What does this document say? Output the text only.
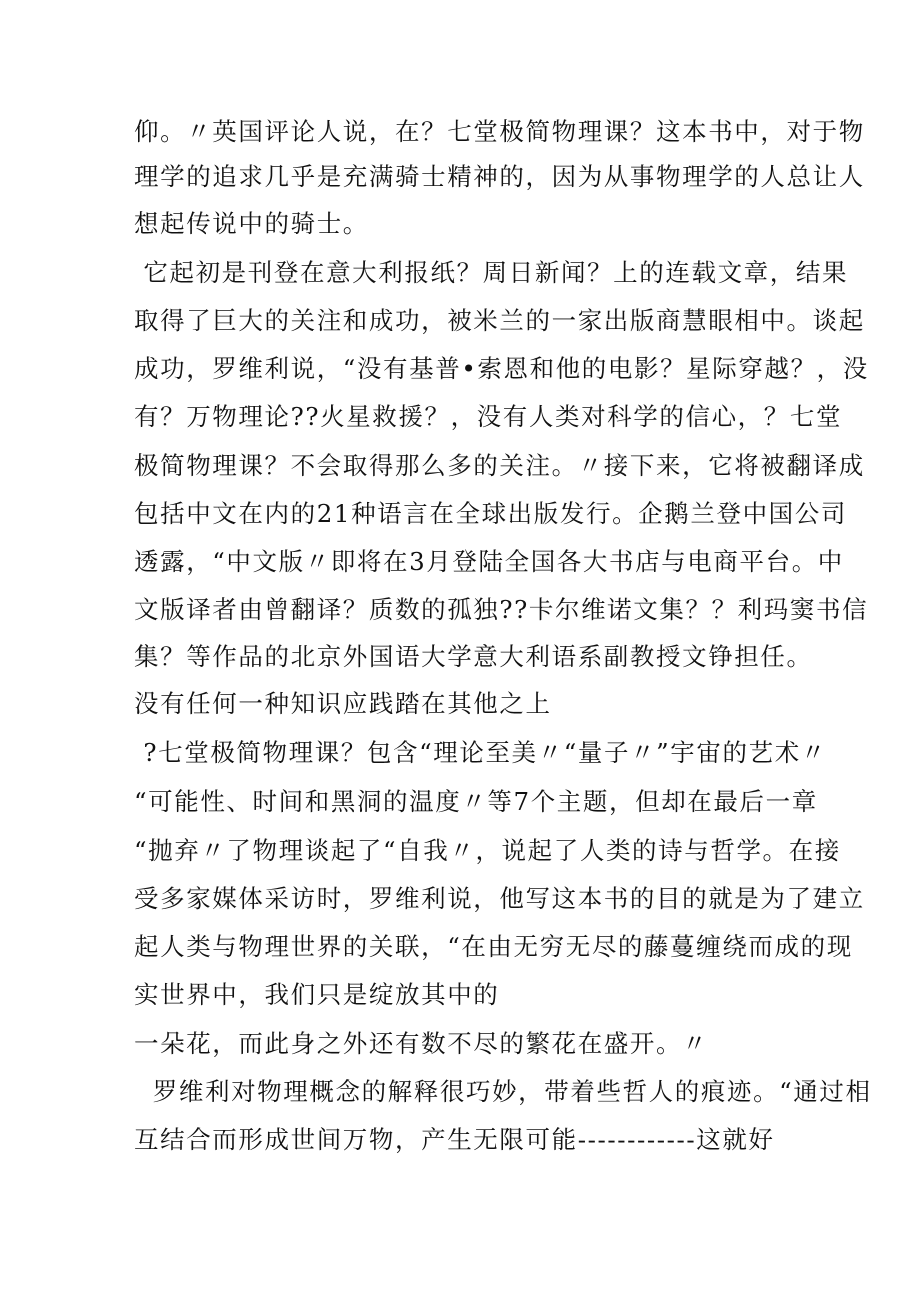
仰。〃英国评论人说，在？七堂极简物理课？这本书中，对于物
理学的追求几乎是充满骑士精神的，因为从事物理学的人总让人
想起传说中的骑士。
它起初是刊登在意大利报纸？周日新闻？上的连载文章，结果
取得了巨大的关注和成功，被米兰的一家出版商慧眼相中。谈起
成功，罗维利说，“没有基普•索恩和他的电影？星际穿越？，没
有？万物理论??火星救援？，没有人类对科学的信心，？七堂
极简物理课？不会取得那么多的关注。〃接下来，它将被翻译成
包括中文在内的21种语言在全球出版发行。企鹅兰登中国公司
透露，“中文版〃即将在3月登陆全国各大书店与电商平台。中
文版译者由曾翻译？质数的孤独??卡尔维诺文集？？利玛窦书信
集？等作品的北京外国语大学意大利语系副教授文铮担任。
没有任何一种知识应践踏在其他之上
?七堂极简物理课？包含“理论至美〃“量子〃”宇宙的艺术〃
“可能性、时间和黑洞的温度〃等7个主题，但却在最后一章
“抛弃〃了物理谈起了“自我〃，说起了人类的诗与哲学。在接
受多家媒体采访时，罗维利说，他写这本书的目的就是为了建立
起人类与物理世界的关联，“在由无穷无尽的藤蔓缠绕而成的现
实世界中，我们只是绽放其中的
一朵花，而此身之外还有数不尽的繁花在盛开。〃
罗维利对物理概念的解释很巧妙，带着些哲人的痕迹。“通过相
互结合而形成世间万物，产生无限可能------------这就好
